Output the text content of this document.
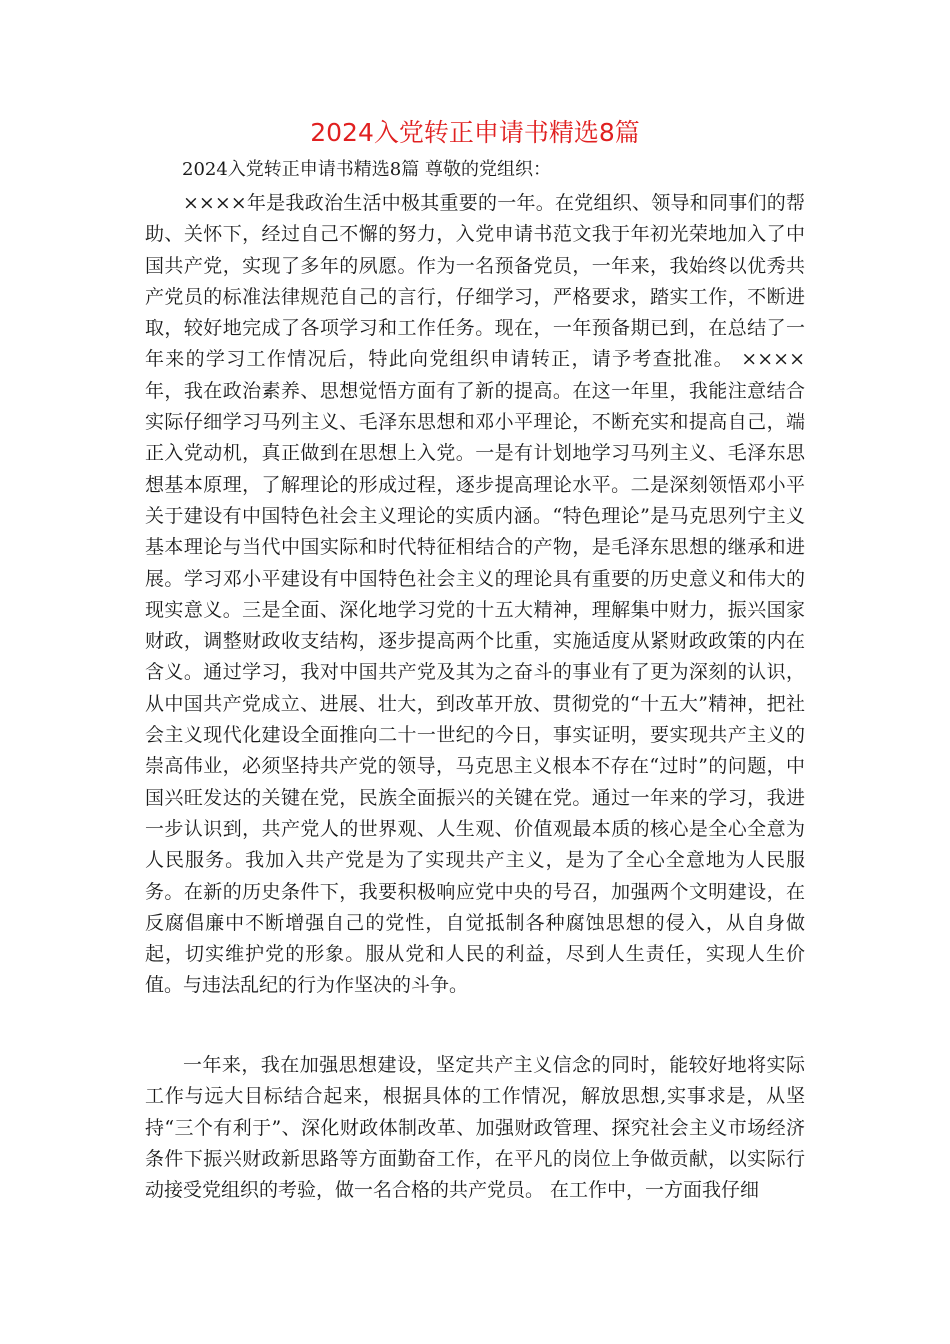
2024入党转正申请书精选8篇
2024入党转正申请书精选8篇 尊敬的党组织：

××××年是我政治生活中极其重要的一年。在党组织、领导和同事们的帮助、关怀下，经过自己不懈的努力，入党申请书范文我于年初光荣地加入了中国共产党，实现了多年的夙愿。作为一名预备党员，一年来，我始终以优秀共产党员的标准法律规范自己的言行，仔细学习，严格要求，踏实工作，不断进取，较好地完成了各项学习和工作任务。现在，一年预备期已到，在总结了一年来的学习工作情况后，特此向党组织申请转正，请予考查批准。 ×××× 年，我在政治素养、思想觉悟方面有了新的提高。在这一年里，我能注意结合实际仔细学习马列主义、毛泽东思想和邓小平理论，不断充实和提高自己，端正入党动机，真正做到在思想上入党。一是有计划地学习马列主义、毛泽东思想基本原理，了解理论的形成过程，逐步提高理论水平。二是深刻领悟邓小平关于建设有中国特色社会主义理论的实质内涵。“特色理论”是马克思列宁主义基本理论与当代中国实际和时代特征相结合的产物，是毛泽东思想的继承和进展。学习邓小平建设有中国特色社会主义的理论具有重要的历史意义和伟大的现实意义。三是全面、深化地学习党的十五大精神，理解集中财力，振兴国家财政，调整财政收支结构，逐步提高两个比重，实施适度从紧财政政策的内在含义。通过学习，我对中国共产党及其为之奋斗的事业有了更为深刻的认识，从中国共产党成立、进展、壮大，到改革开放、贯彻党的“十五大”精神，把社会主义现代化建设全面推向二十一世纪的今日，事实证明，要实现共产主义的崇高伟业，必须坚持共产党的领导，马克思主义根本不存在“过时”的问题，中国兴旺发达的关键在党，民族全面振兴的关键在党。通过一年来的学习，我进一步认识到，共产党人的世界观、人生观、价值观最本质的核心是全心全意为人民服务。我加入共产党是为了实现共产主义，是为了全心全意地为人民服务。在新的历史条件下，我要积极响应党中央的号召，加强两个文明建设，在反腐倡廉中不断增强自己的党性，自觉抵制各种腐蚀思想的侵入，从自身做起，切实维护党的形象。服从党和人民的利益，尽到人生责任，实现人生价值。与违法乱纪的行为作坚决的斗争。

一年来，我在加强思想建设，坚定共产主义信念的同时，能较好地将实际工作与远大目标结合起来，根据具体的工作情况，解放思想,实事求是，从坚持“三个有利于”、深化财政体制改革、加强财政管理、探究社会主义市场经济条件下振兴财政新思路等方面勤奋工作，在平凡的岗位上争做贡献，以实际行动接受党组织的考验，做一名合格的共产党员。 在工作中，一方面我仔细
